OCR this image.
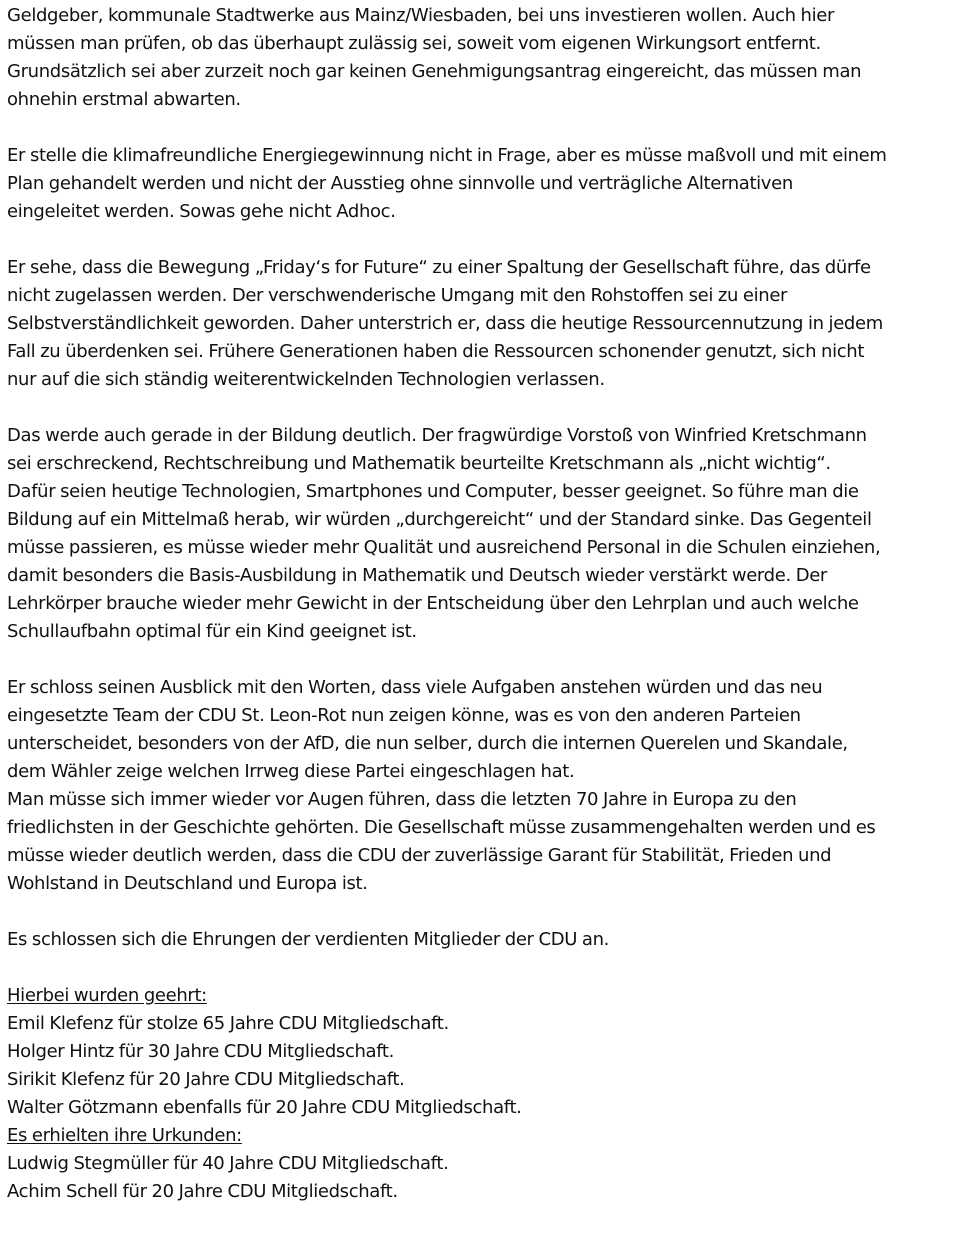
Geldgeber, kommunale Stadtwerke aus Mainz/Wiesbaden, bei uns investieren wollen. Auch hier
müssen man prüfen, ob das überhaupt zulässig sei, soweit vom eigenen Wirkungsort entfernt.
Grundsätzlich sei aber zurzeit noch gar keinen Genehmigungsantrag eingereicht, das müssen man
ohnehin erstmal abwarten.

Er stelle die klimafreundliche Energiegewinnung nicht in Frage, aber es müsse maßvoll und mit einem
Plan gehandelt werden und nicht der Ausstieg ohne sinnvolle und verträgliche Alternativen
eingeleitet werden. Sowas gehe nicht Adhoc.

Er sehe, dass die Bewegung „Friday‘s for Future“ zu einer Spaltung der Gesellschaft führe, das dürfe
nicht zugelassen werden. Der verschwenderische Umgang mit den Rohstoffen sei zu einer
Selbstverständlichkeit geworden. Daher unterstrich er, dass die heutige Ressourcennutzung in jedem
Fall zu überdenken sei. Frühere Generationen haben die Ressourcen schonender genutzt, sich nicht
nur auf die sich ständig weiterentwickelnden Technologien verlassen.

Das werde auch gerade in der Bildung deutlich. Der fragwürdige Vorstoß von Winfried Kretschmann
sei erschreckend, Rechtschreibung und Mathematik beurteilte Kretschmann als „nicht wichtig“.
Dafür seien heutige Technologien, Smartphones und Computer, besser geeignet. So führe man die
Bildung auf ein Mittelmaß herab, wir würden „durchgereicht“ und der Standard sinke. Das Gegenteil
müsse passieren, es müsse wieder mehr Qualität und ausreichend Personal in die Schulen einziehen,
damit besonders die Basis-Ausbildung in Mathematik und Deutsch wieder verstärkt werde. Der
Lehrkörper brauche wieder mehr Gewicht in der Entscheidung über den Lehrplan und auch welche
Schullaufbahn optimal für ein Kind geeignet ist.

Er schloss seinen Ausblick mit den Worten, dass viele Aufgaben anstehen würden und das neu
eingesetzte Team der CDU St. Leon-Rot nun zeigen könne, was es von den anderen Parteien
unterscheidet, besonders von der AfD, die nun selber, durch die internen Querelen und Skandale,
dem Wähler zeige welchen Irrweg diese Partei eingeschlagen hat.
Man müsse sich immer wieder vor Augen führen, dass die letzten 70 Jahre in Europa zu den
friedlichsten in der Geschichte gehörten. Die Gesellschaft müsse zusammengehalten werden und es
müsse wieder deutlich werden, dass die CDU der zuverlässige Garant für Stabilität, Frieden und
Wohlstand in Deutschland und Europa ist.

Es schlossen sich die Ehrungen der verdienten Mitglieder der CDU an.

Hierbei wurden geehrt:
Emil Klefenz für stolze 65 Jahre CDU Mitgliedschaft.
Holger Hintz für 30 Jahre CDU Mitgliedschaft.
Sirikit Klefenz für 20 Jahre CDU Mitgliedschaft.
Walter Götzmann ebenfalls für 20 Jahre CDU Mitgliedschaft.
Es erhielten ihre Urkunden:
Ludwig Stegmüller für 40 Jahre CDU Mitgliedschaft.
Achim Schell für 20 Jahre CDU Mitgliedschaft.
